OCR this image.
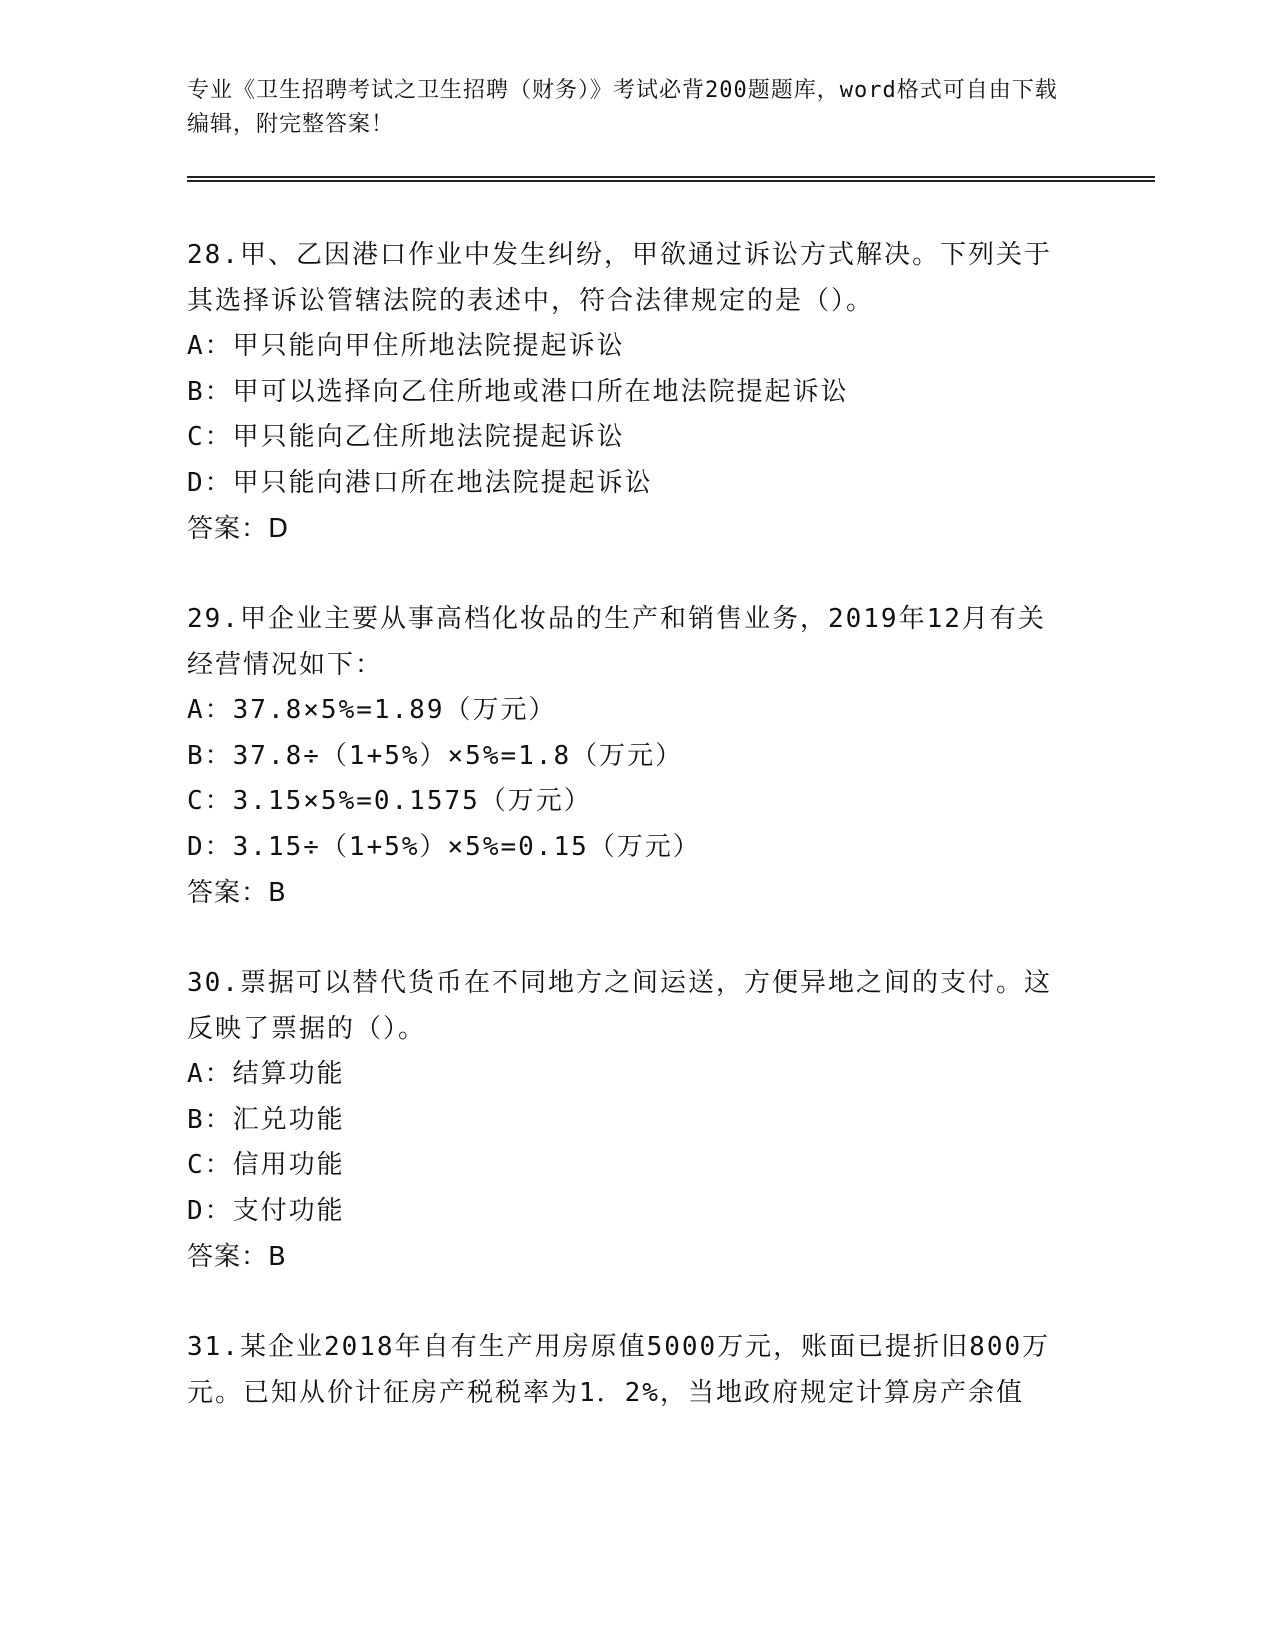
专业《卫生招聘考试之卫生招聘（财务）》考试必背200题题库，word格式可自由下载编辑，附完整答案！
28.甲、乙因港口作业中发生纠纷，甲欲通过诉讼方式解决。下列关于其选择诉讼管辖法院的表述中，符合法律规定的是（）。
A：甲只能向甲住所地法院提起诉讼
B：甲可以选择向乙住所地或港口所在地法院提起诉讼
C：甲只能向乙住所地法院提起诉讼
D：甲只能向港口所在地法院提起诉讼
答案：D
29.甲企业主要从事高档化妆品的生产和销售业务，2019年12月有关经营情况如下：
A：37.8×5%=1.89（万元）
B：37.8÷（1+5%）×5%=1.8（万元）
C：3.15×5%=0.1575（万元）
D：3.15÷（1+5%）×5%=0.15（万元）
答案：B
30.票据可以替代货币在不同地方之间运送，方便异地之间的支付。这反映了票据的（）。
A：结算功能
B：汇兑功能
C：信用功能
D：支付功能
答案：B
31.某企业2018年自有生产用房原值5000万元，账面已提折旧800万元。已知从价计征房产税税率为1．2%，当地政府规定计算房产余值
